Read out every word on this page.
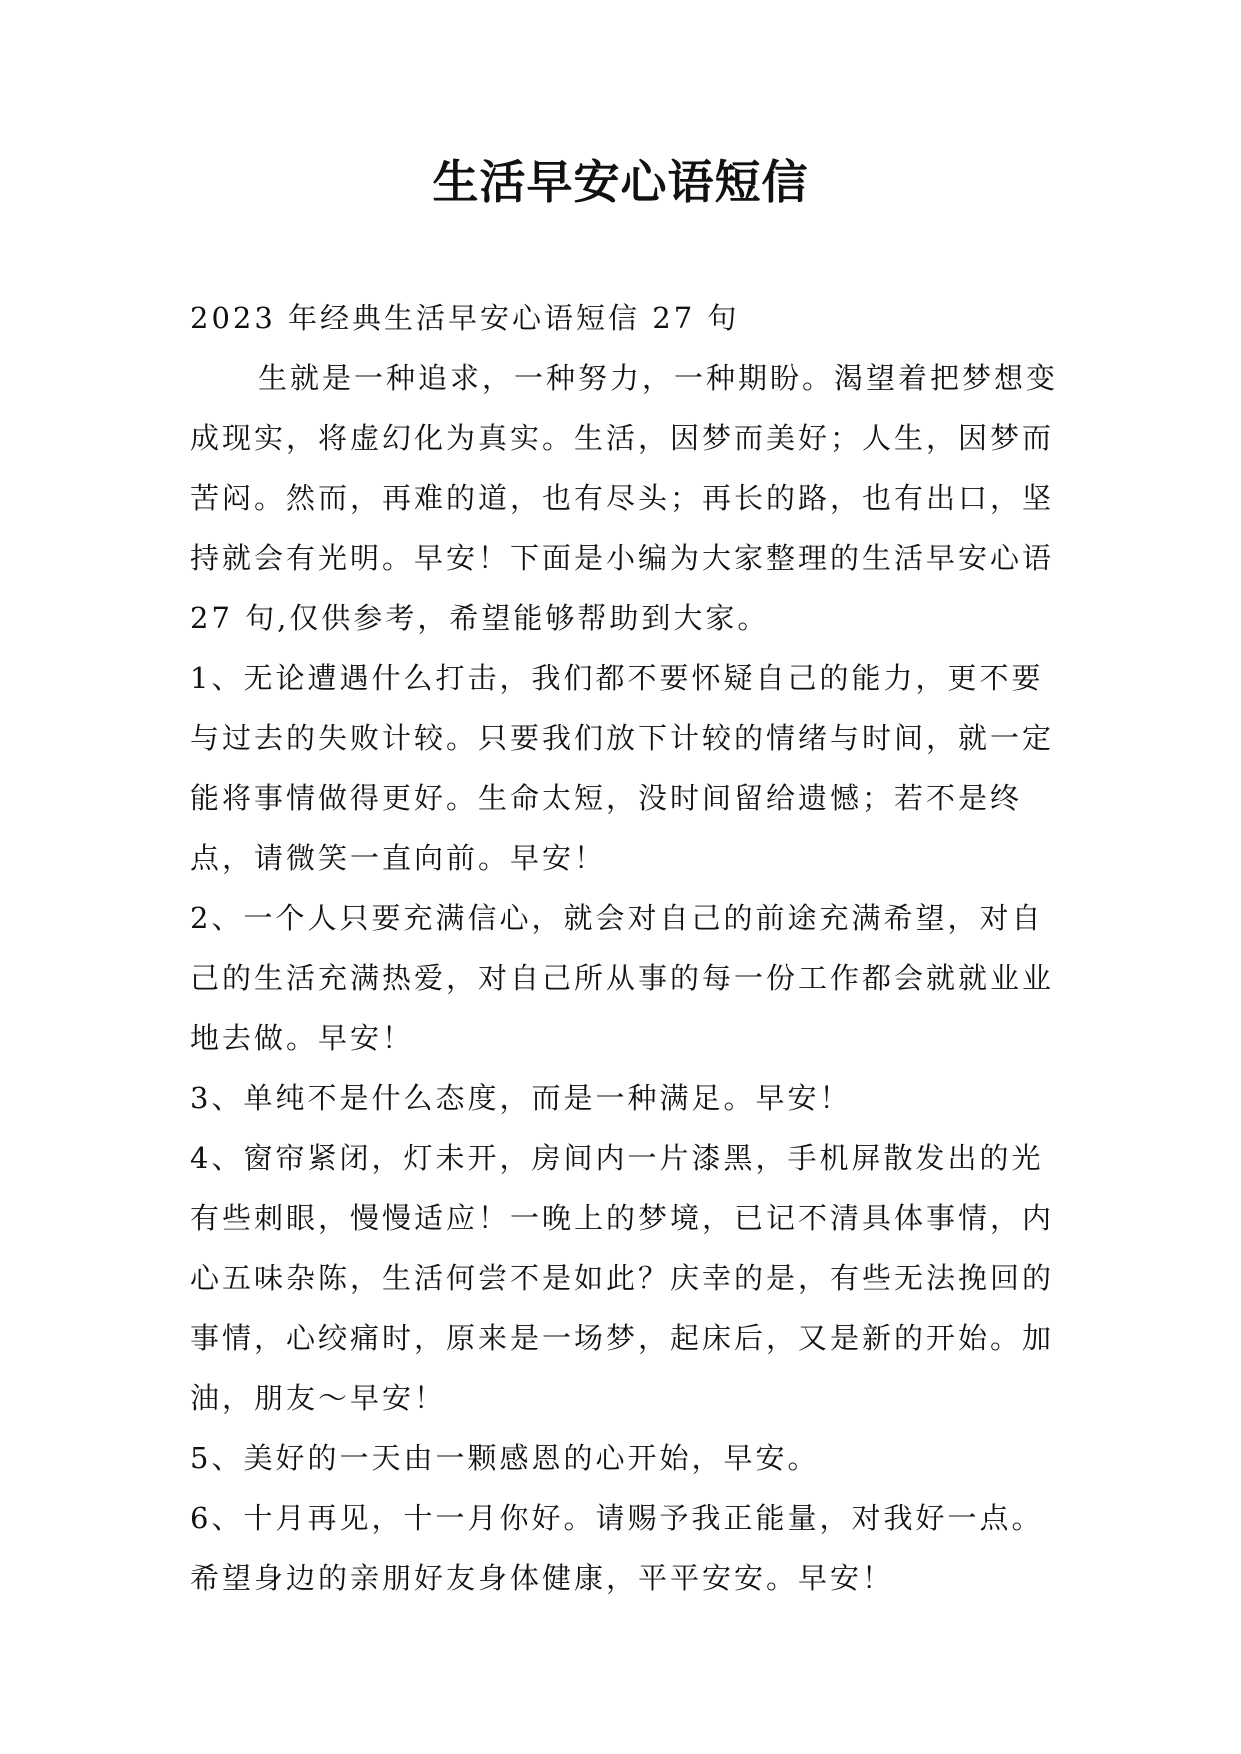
生活早安心语短信

2023 年经典生活早安心语短信 27 句

生就是一种追求，一种努力，一种期盼。渴望着把梦想变成现实，将虚幻化为真实。生活，因梦而美好；人生，因梦而苦闷。然而，再难的道，也有尽头；再长的路，也有出口，坚持就会有光明。早安！下面是小编为大家整理的生活早安心语 27 句,仅供参考，希望能够帮助到大家。

1、无论遭遇什么打击，我们都不要怀疑自己的能力，更不要与过去的失败计较。只要我们放下计较的情绪与时间，就一定能将事情做得更好。生命太短，没时间留给遗憾；若不是终点，请微笑一直向前。早安！

2、一个人只要充满信心，就会对自己的前途充满希望，对自己的生活充满热爱，对自己所从事的每一份工作都会就就业业地去做。早安！

3、单纯不是什么态度，而是一种满足。早安！

4、窗帘紧闭，灯未开，房间内一片漆黑，手机屏散发出的光有些刺眼，慢慢适应！一晚上的梦境，已记不清具体事情，内心五味杂陈，生活何尝不是如此？庆幸的是，有些无法挽回的事情，心绞痛时，原来是一场梦，起床后，又是新的开始。加油，朋友～早安！

5、美好的一天由一颗感恩的心开始，早安。

6、十月再见，十一月你好。请赐予我正能量，对我好一点。希望身边的亲朋好友身体健康，平平安安。早安！
